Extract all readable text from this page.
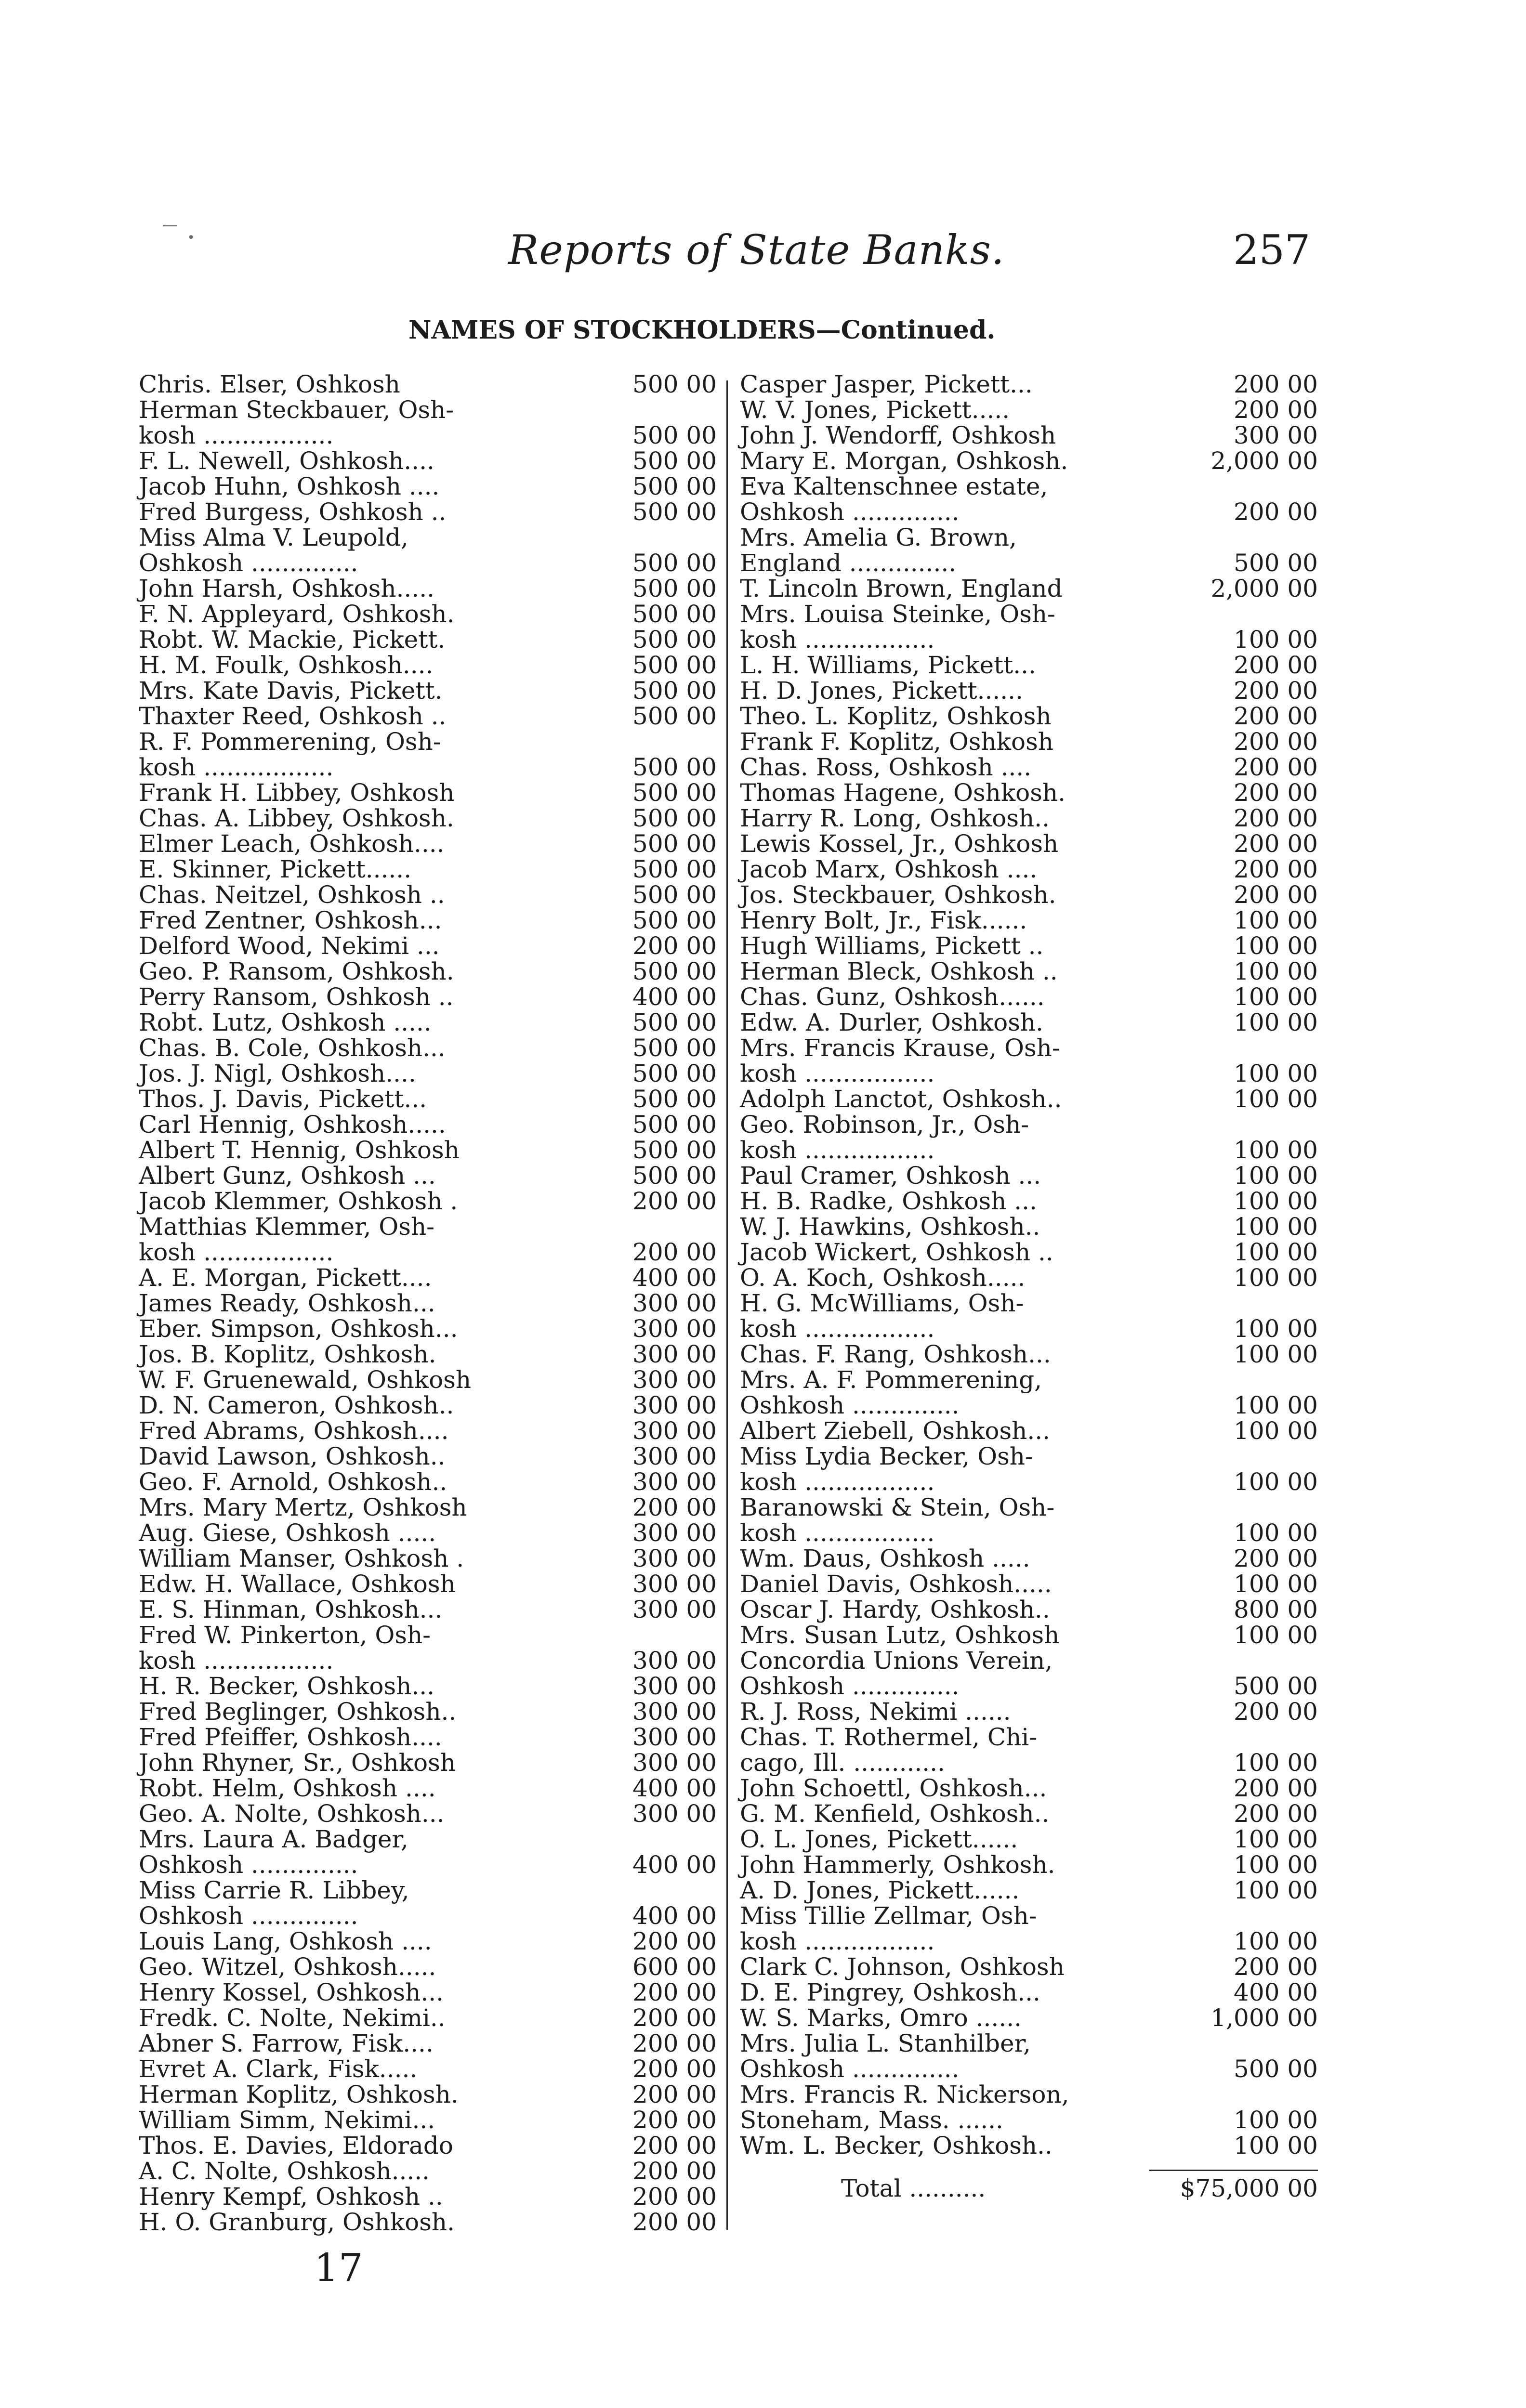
‾ ·	Reports of State Banks.	257
NAMES OF STOCKHOLDERS—Continued.
Chris. Elser, Oshkosh	500 00
Herman Steckbauer, Osh-
kosh .................	500 00
F. L. Newell, Oshkosh....	500 00
Jacob Huhn, Oshkosh ....	500 00
Fred Burgess, Oshkosh ..	500 00
Miss Alma V. Leupold,
Oshkosh ..............	500 00
John Harsh, Oshkosh.....	500 00
F. N. Appleyard, Oshkosh.	500 00
Robt. W. Mackie, Pickett.	500 00
H. M. Foulk, Oshkosh....	500 00
Mrs. Kate Davis, Pickett.	500 00
Thaxter Reed, Oshkosh ..	500 00
R. F. Pommerening, Osh-
kosh .................	500 00
Frank H. Libbey, Oshkosh	500 00
Chas. A. Libbey, Oshkosh.	500 00
Elmer Leach, Oshkosh....	500 00
E. Skinner, Pickett......	500 00
Chas. Neitzel, Oshkosh ..	500 00
Fred Zentner, Oshkosh...	500 00
Delford Wood, Nekimi ...	200 00
Geo. P. Ransom, Oshkosh.	500 00
Perry Ransom, Oshkosh ..	400 00
Robt. Lutz, Oshkosh .....	500 00
Chas. B. Cole, Oshkosh...	500 00
Jos. J. Nigl, Oshkosh....	500 00
Thos. J. Davis, Pickett...	500 00
Carl Hennig, Oshkosh.....	500 00
Albert T. Hennig, Oshkosh	500 00
Albert Gunz, Oshkosh ...	500 00
Jacob Klemmer, Oshkosh .	200 00
Matthias Klemmer, Osh-
kosh .................	200 00
A. E. Morgan, Pickett....	400 00
James Ready, Oshkosh...	300 00
Eber. Simpson, Oshkosh...	300 00
Jos. B. Koplitz, Oshkosh.	300 00
W. F. Gruenewald, Oshkosh	300 00
D. N. Cameron, Oshkosh..	300 00
Fred Abrams, Oshkosh....	300 00
David Lawson, Oshkosh..	300 00
Geo. F. Arnold, Oshkosh..	300 00
Mrs. Mary Mertz, Oshkosh	200 00
Aug. Giese, Oshkosh .....	300 00
William Manser, Oshkosh .	300 00
Edw. H. Wallace, Oshkosh	300 00
E. S. Hinman, Oshkosh...	300 00
Fred W. Pinkerton, Osh-
kosh .................	300 00
H. R. Becker, Oshkosh...	300 00
Fred Beglinger, Oshkosh..	300 00
Fred Pfeiffer, Oshkosh....	300 00
John Rhyner, Sr., Oshkosh	300 00
Robt. Helm, Oshkosh ....	400 00
Geo. A. Nolte, Oshkosh...	300 00
Mrs. Laura A. Badger,
Oshkosh ..............	400 00
Miss Carrie R. Libbey,
Oshkosh ..............	400 00
Louis Lang, Oshkosh ....	200 00
Geo. Witzel, Oshkosh.....	600 00
Henry Kossel, Oshkosh...	200 00
Fredk. C. Nolte, Nekimi..	200 00
Abner S. Farrow, Fisk....	200 00
Evret A. Clark, Fisk.....	200 00
Herman Koplitz, Oshkosh.	200 00
William Simm, Nekimi...	200 00
Thos. E. Davies, Eldorado	200 00
A. C. Nolte, Oshkosh.....	200 00
Henry Kempf, Oshkosh ..	200 00
H. O. Granburg, Oshkosh.	200 00
Casper Jasper, Pickett...	200 00
W. V. Jones, Pickett.....	200 00
John J. Wendorff, Oshkosh	300 00
Mary E. Morgan, Oshkosh.	2,000 00
Eva Kaltenschnee estate,
Oshkosh ..............	200 00
Mrs. Amelia G. Brown,
England ..............	500 00
T. Lincoln Brown, England	2,000 00
Mrs. Louisa Steinke, Osh-
kosh .................	100 00
L. H. Williams, Pickett...	200 00
H. D. Jones, Pickett......	200 00
Theo. L. Koplitz, Oshkosh	200 00
Frank F. Koplitz, Oshkosh	200 00
Chas. Ross, Oshkosh ....	200 00
Thomas Hagene, Oshkosh.	200 00
Harry R. Long, Oshkosh..	200 00
Lewis Kossel, Jr., Oshkosh	200 00
Jacob Marx, Oshkosh ....	200 00
Jos. Steckbauer, Oshkosh.	200 00
Henry Bolt, Jr., Fisk......	100 00
Hugh Williams, Pickett ..	100 00
Herman Bleck, Oshkosh ..	100 00
Chas. Gunz, Oshkosh......	100 00
Edw. A. Durler, Oshkosh.	100 00
Mrs. Francis Krause, Osh-
kosh .................	100 00
Adolph Lanctot, Oshkosh..	100 00
Geo. Robinson, Jr., Osh-
kosh .................	100 00
Paul Cramer, Oshkosh ...	100 00
H. B. Radke, Oshkosh ...	100 00
W. J. Hawkins, Oshkosh..	100 00
Jacob Wickert, Oshkosh ..	100 00
O. A. Koch, Oshkosh.....	100 00
H. G. McWilliams, Osh-
kosh .................	100 00
Chas. F. Rang, Oshkosh...	100 00
Mrs. A. F. Pommerening,
Oshkosh ..............	100 00
Albert Ziebell, Oshkosh...	100 00
Miss Lydia Becker, Osh-
kosh .................	100 00
Baranowski & Stein, Osh-
kosh .................	100 00
Wm. Daus, Oshkosh .....	200 00
Daniel Davis, Oshkosh.....	100 00
Oscar J. Hardy, Oshkosh..	800 00
Mrs. Susan Lutz, Oshkosh	100 00
Concordia Unions Verein,
Oshkosh ..............	500 00
R. J. Ross, Nekimi ......	200 00
Chas. T. Rothermel, Chi-
cago, Ill. ............	100 00
John Schoettl, Oshkosh...	200 00
G. M. Kenfield, Oshkosh..	200 00
O. L. Jones, Pickett......	100 00
John Hammerly, Oshkosh.	100 00
A. D. Jones, Pickett......	100 00
Miss Tillie Zellmar, Osh-
kosh .................	100 00
Clark C. Johnson, Oshkosh	200 00
D. E. Pingrey, Oshkosh...	400 00
W. S. Marks, Omro ......	1,000 00
Mrs. Julia L. Stanhilber,
Oshkosh ..............	500 00
Mrs. Francis R. Nickerson,
Stoneham, Mass. ......	100 00
Wm. L. Becker, Oshkosh..	100 00
Total ..........	$75,000 00
17
